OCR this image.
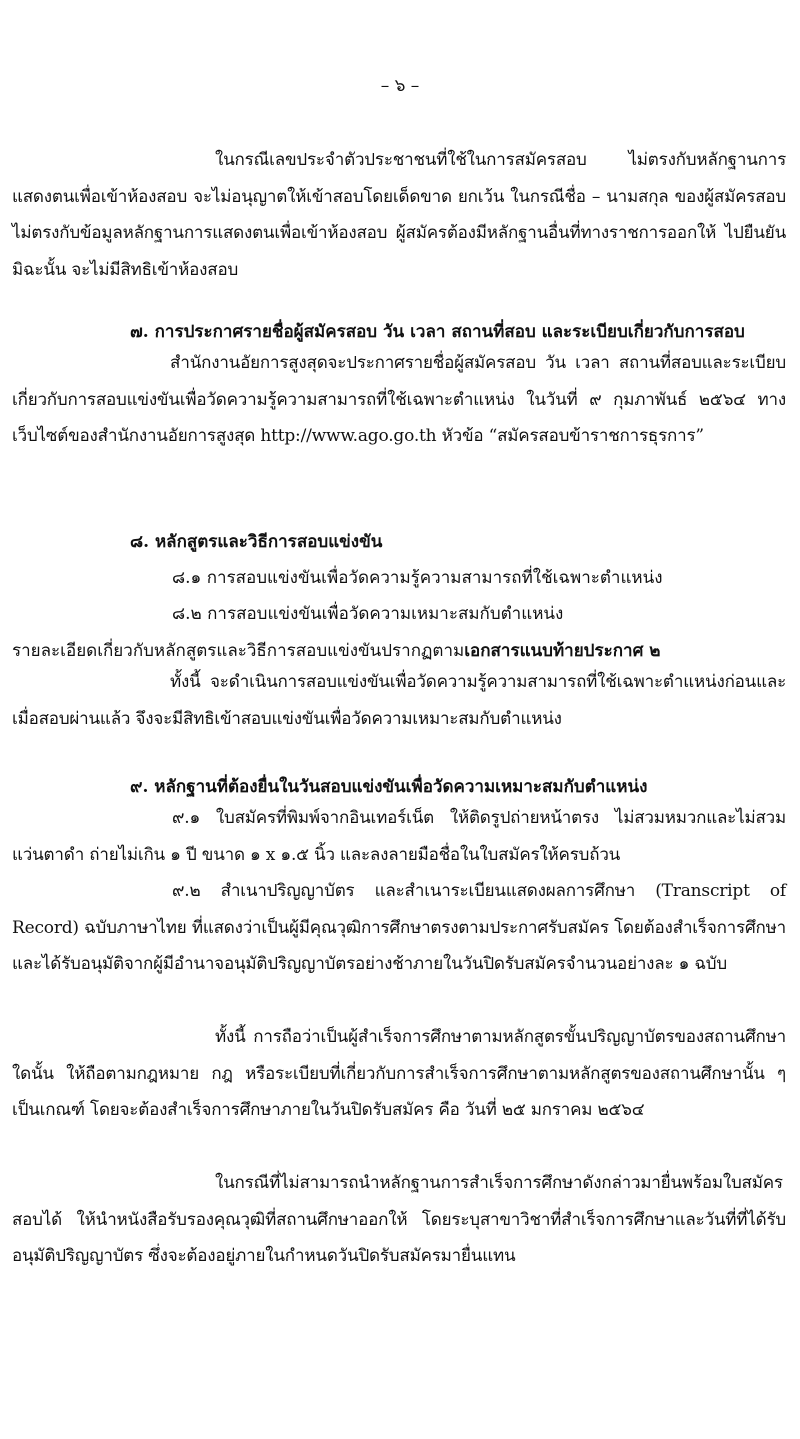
– ๖ –
ในกรณีเลขประจำตัวประชาชนที่ใช้ในการสมัครสอบ ไม่ตรงกับหลักฐานการแสดงตนเพื่อเข้าห้องสอบ จะไม่อนุญาตให้เข้าสอบโดยเด็ดขาด ยกเว้น ในกรณีชื่อ – นามสกุล ของผู้สมัครสอบไม่ตรงกับข้อมูลหลักฐานการแสดงตนเพื่อเข้าห้องสอบ ผู้สมัครต้องมีหลักฐานอื่นที่ทางราชการออกให้ ไปยืนยัน มิฉะนั้น จะไม่มีสิทธิเข้าห้องสอบ
๗. การประกาศรายชื่อผู้สมัครสอบ วัน เวลา สถานที่สอบ และระเบียบเกี่ยวกับการสอบ
สำนักงานอัยการสูงสุดจะประกาศรายชื่อผู้สมัครสอบ วัน เวลา สถานที่สอบและระเบียบเกี่ยวกับการสอบแข่งขันเพื่อวัดความรู้ความสามารถที่ใช้เฉพาะตำแหน่ง ในวันที่ ๙ กุมภาพันธ์ ๒๕๖๔ ทางเว็บไซต์ของสำนักงานอัยการสูงสุด http://www.ago.go.th หัวข้อ “สมัครสอบข้าราชการธุรการ”
๘. หลักสูตรและวิธีการสอบแข่งขัน
๘.๑ การสอบแข่งขันเพื่อวัดความรู้ความสามารถที่ใช้เฉพาะตำแหน่ง
๘.๒ การสอบแข่งขันเพื่อวัดความเหมาะสมกับตำแหน่ง
รายละเอียดเกี่ยวกับหลักสูตรและวิธีการสอบแข่งขันปรากฏตามเอกสารแนบท้ายประกาศ ๒
ทั้งนี้ จะดำเนินการสอบแข่งขันเพื่อวัดความรู้ความสามารถที่ใช้เฉพาะตำแหน่งก่อนและเมื่อสอบผ่านแล้ว จึงจะมีสิทธิเข้าสอบแข่งขันเพื่อวัดความเหมาะสมกับตำแหน่ง
๙. หลักฐานที่ต้องยื่นในวันสอบแข่งขันเพื่อวัดความเหมาะสมกับตำแหน่ง
๙.๑ ใบสมัครที่พิมพ์จากอินเทอร์เน็ต ให้ติดรูปถ่ายหน้าตรง ไม่สวมหมวกและไม่สวมแว่นตาดำ ถ่ายไม่เกิน ๑ ปี ขนาด ๑ x ๑.๕ นิ้ว และลงลายมือชื่อในใบสมัครให้ครบถ้วน
๙.๒ สำเนาปริญญาบัตร และสำเนาระเบียนแสดงผลการศึกษา (Transcript of Record) ฉบับภาษาไทย ที่แสดงว่าเป็นผู้มีคุณวุฒิการศึกษาตรงตามประกาศรับสมัคร โดยต้องสำเร็จการศึกษาและได้รับอนุมัติจากผู้มีอำนาจอนุมัติปริญญาบัตรอย่างช้าภายในวันปิดรับสมัครจำนวนอย่างละ ๑ ฉบับ
ทั้งนี้ การถือว่าเป็นผู้สำเร็จการศึกษาตามหลักสูตรขั้นปริญญาบัตรของสถานศึกษาใดนั้น ให้ถือตามกฎหมาย กฎ หรือระเบียบที่เกี่ยวกับการสำเร็จการศึกษาตามหลักสูตรของสถานศึกษานั้น ๆ เป็นเกณฑ์ โดยจะต้องสำเร็จการศึกษาภายในวันปิดรับสมัคร คือ วันที่ ๒๕ มกราคม ๒๕๖๔
ในกรณีที่ไม่สามารถนำหลักฐานการสำเร็จการศึกษาดังกล่าวมายื่นพร้อมใบสมัครสอบได้ ให้นำหนังสือรับรองคุณวุฒิที่สถานศึกษาออกให้ โดยระบุสาขาวิชาที่สำเร็จการศึกษาและวันที่ที่ได้รับอนุมัติปริญญาบัตร ซึ่งจะต้องอยู่ภายในกำหนดวันปิดรับสมัครมายื่นแทน
